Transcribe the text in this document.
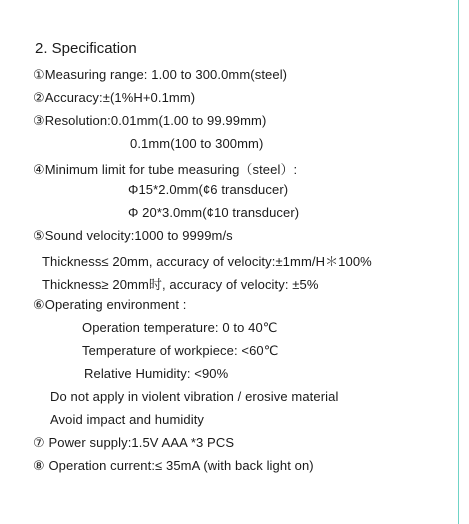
2. Specification
①Measuring range: 1.00 to 300.0mm(steel)
②Accuracy:±(1%H+0.1mm)
③Resolution:0.01mm(1.00 to 99.99mm)
0.1mm(100 to 300mm)
④Minimum limit for tube measuring（steel）:
Φ15*2.0mm(¢6 transducer)
Φ 20*3.0mm(¢10 transducer)
⑤Sound velocity:1000 to 9999m/s
Thickness≤ 20mm, accuracy of velocity:±1mm/H＊100%
Thickness≥ 20mm时, accuracy of velocity: ±5%
⑥Operating environment :
Operation temperature: 0 to 40℃
Temperature of workpiece: <60℃
Relative Humidity: <90%
Do not apply in violent vibration / erosive material
Avoid impact and humidity
⑦ Power supply:1.5V AAA *3 PCS
⑧ Operation current:≤ 35mA (with back light on)
